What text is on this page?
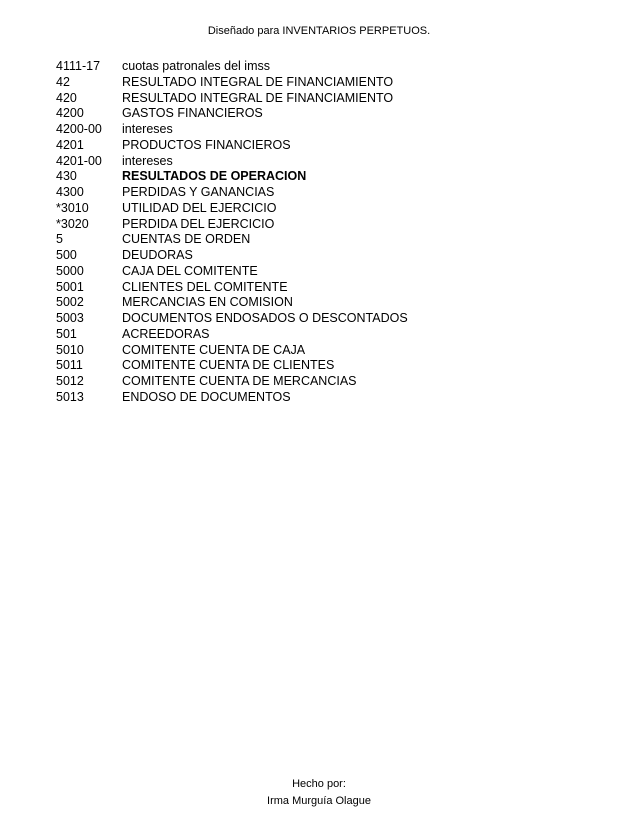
Diseñado para INVENTARIOS PERPETUOS.
4111-17	cuotas patronales del imss
42	RESULTADO INTEGRAL DE FINANCIAMIENTO
420	RESULTADO INTEGRAL DE FINANCIAMIENTO
4200	GASTOS FINANCIEROS
4200-00	intereses
4201	PRODUCTOS FINANCIEROS
4201-00	intereses
430	RESULTADOS DE OPERACION
4300	PERDIDAS Y GANANCIAS
*3010	UTILIDAD DEL EJERCICIO
*3020	PERDIDA DEL EJERCICIO
5	CUENTAS DE ORDEN
500	DEUDORAS
5000	CAJA DEL COMITENTE
5001	CLIENTES DEL COMITENTE
5002	MERCANCIAS EN COMISION
5003	DOCUMENTOS ENDOSADOS O DESCONTADOS
501	ACREEDORAS
5010	COMITENTE CUENTA DE CAJA
5011	COMITENTE CUENTA DE CLIENTES
5012	COMITENTE CUENTA DE MERCANCIAS
5013	ENDOSO DE DOCUMENTOS
Hecho por:
Irma Murguía Olague
